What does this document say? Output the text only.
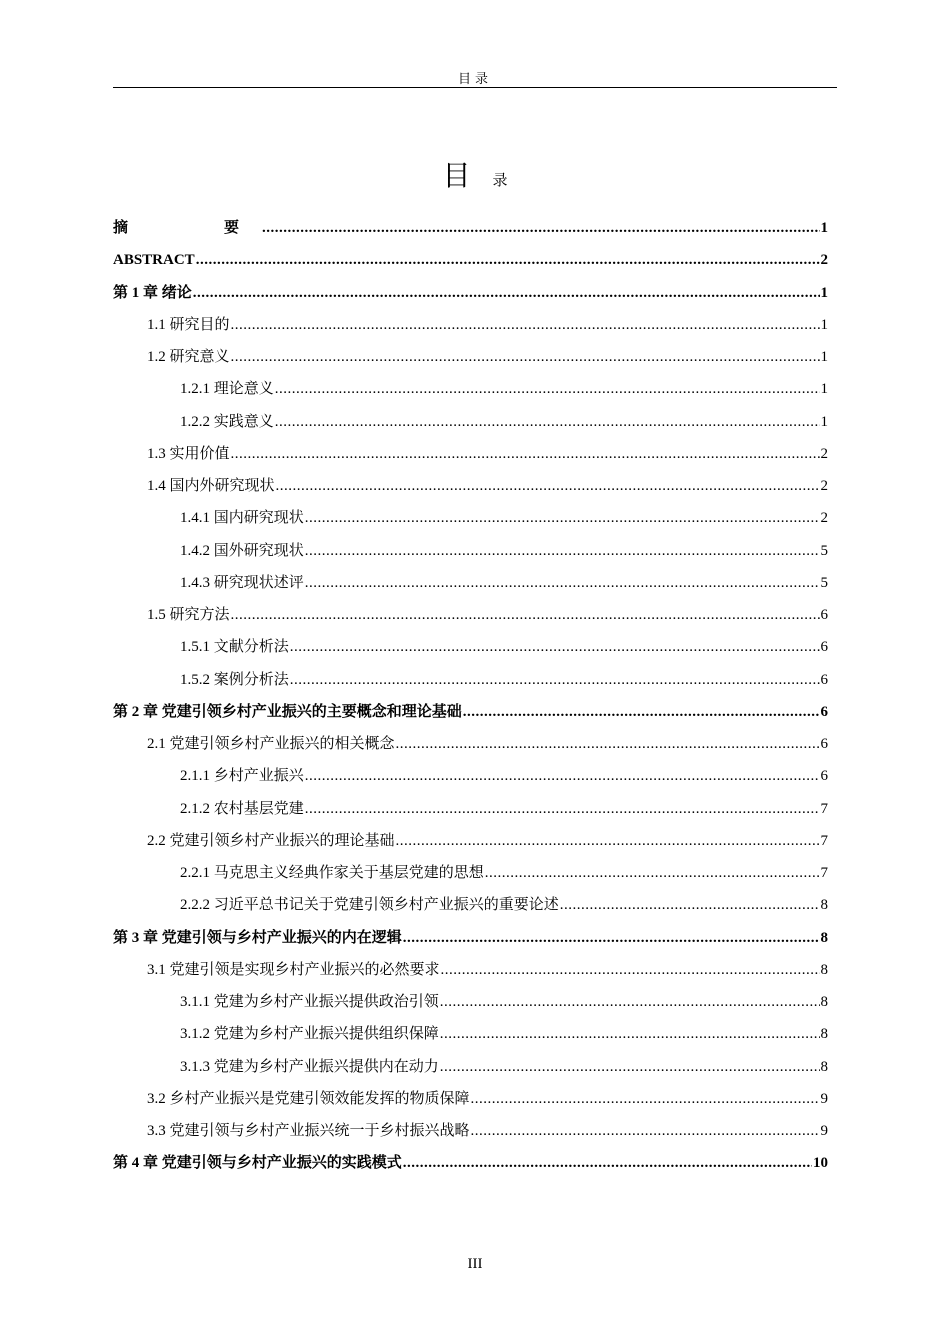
目录
目 录
摘　　要 .....	1
ABSTRACT .....	2
第 1 章 绪论 .....	1
1.1 研究目的 .....	1
1.2 研究意义 .....	1
1.2.1 理论意义 .....	1
1.2.2 实践意义 .....	1
1.3 实用价值 .....	2
1.4 国内外研究现状 .....	2
1.4.1 国内研究现状 .....	2
1.4.2 国外研究现状 .....	5
1.4.3 研究现状述评 .....	5
1.5 研究方法 .....	6
1.5.1 文献分析法 .....	6
1.5.2 案例分析法 .....	6
第 2 章 党建引领乡村产业振兴的主要概念和理论基础 .....	6
2.1 党建引领乡村产业振兴的相关概念 .....	6
2.1.1 乡村产业振兴 .....	6
2.1.2 农村基层党建 .....	7
2.2 党建引领乡村产业振兴的理论基础 .....	7
2.2.1 马克思主义经典作家关于基层党建的思想 .....	7
2.2.2 习近平总书记关于党建引领乡村产业振兴的重要论述 .....	8
第 3 章 党建引领与乡村产业振兴的内在逻辑 .....	8
3.1 党建引领是实现乡村产业振兴的必然要求 .....	8
3.1.1 党建为乡村产业振兴提供政治引领 .....	8
3.1.2 党建为乡村产业振兴提供组织保障 .....	8
3.1.3 党建为乡村产业振兴提供内在动力 .....	8
3.2 乡村产业振兴是党建引领效能发挥的物质保障 .....	9
3.3 党建引领与乡村产业振兴统一于乡村振兴战略 .....	9
第 4 章 党建引领与乡村产业振兴的实践模式 .....	10
III
